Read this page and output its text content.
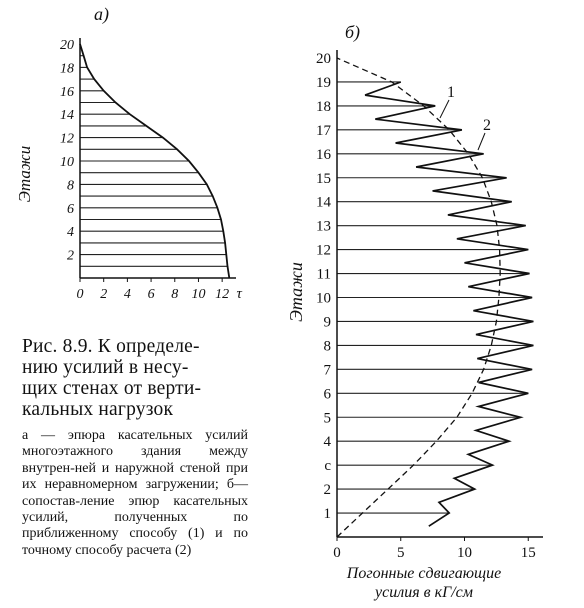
а)
Этажи
2
4
6
8
10
12
14
16
18
20
0 2 4 6 8 10 12 τ
б)
Этажи
1
2
с
4
5
6
7
8
9
10
11
12
13
14
15
16
17
18
19
20
0	5	10	15
1
2
Погонные сдвигающие
усилия в кГ/см
Рис. 8.9. К определе-
нию усилий в несу-
щих стенах от верти-
кальных нагрузок
а — эпюра касательных усилий многоэтажного здания между внутрен-ней и наружной стеной при их неравномерном загружении; б—сопостав-ление эпюр касательных усилий, полученных по приближенному способу (1) и по точному способу расчета (2)
